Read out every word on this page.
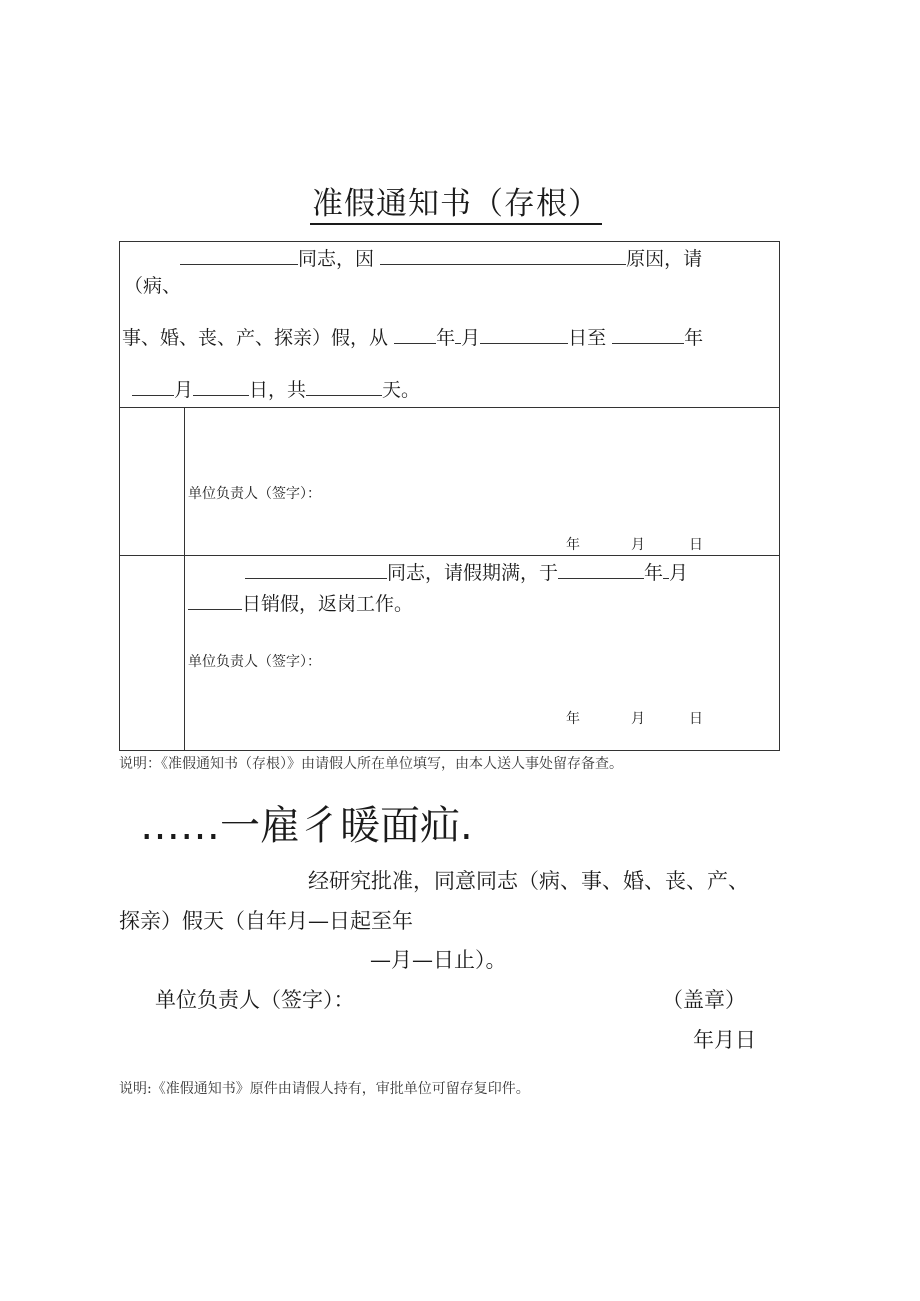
准假通知书（存根）
同志，因	原因，请
（病、
事、婚、丧、产、探亲）假，从	年 月	日至	年
月	日，共	天。
单位负责人（签字）：
年	月	日
同志，请假期满，于	年 月
日销假，返岗工作。
单位负责人（签字）：
年	月	日
说明：《准假通知书（存根）》由请假人所在单位填写，由本人送人事处留存备查。
……一雇彳暖面疝.
经研究批准，同意同志（病、事、婚、丧、产、
探亲）假天（自年月—日起至年
—月—日止）。
单位负责人（签字）：	（盖章）
年月日
说明:《准假通知书》原件由请假人持有，审批单位可留存复印件。
